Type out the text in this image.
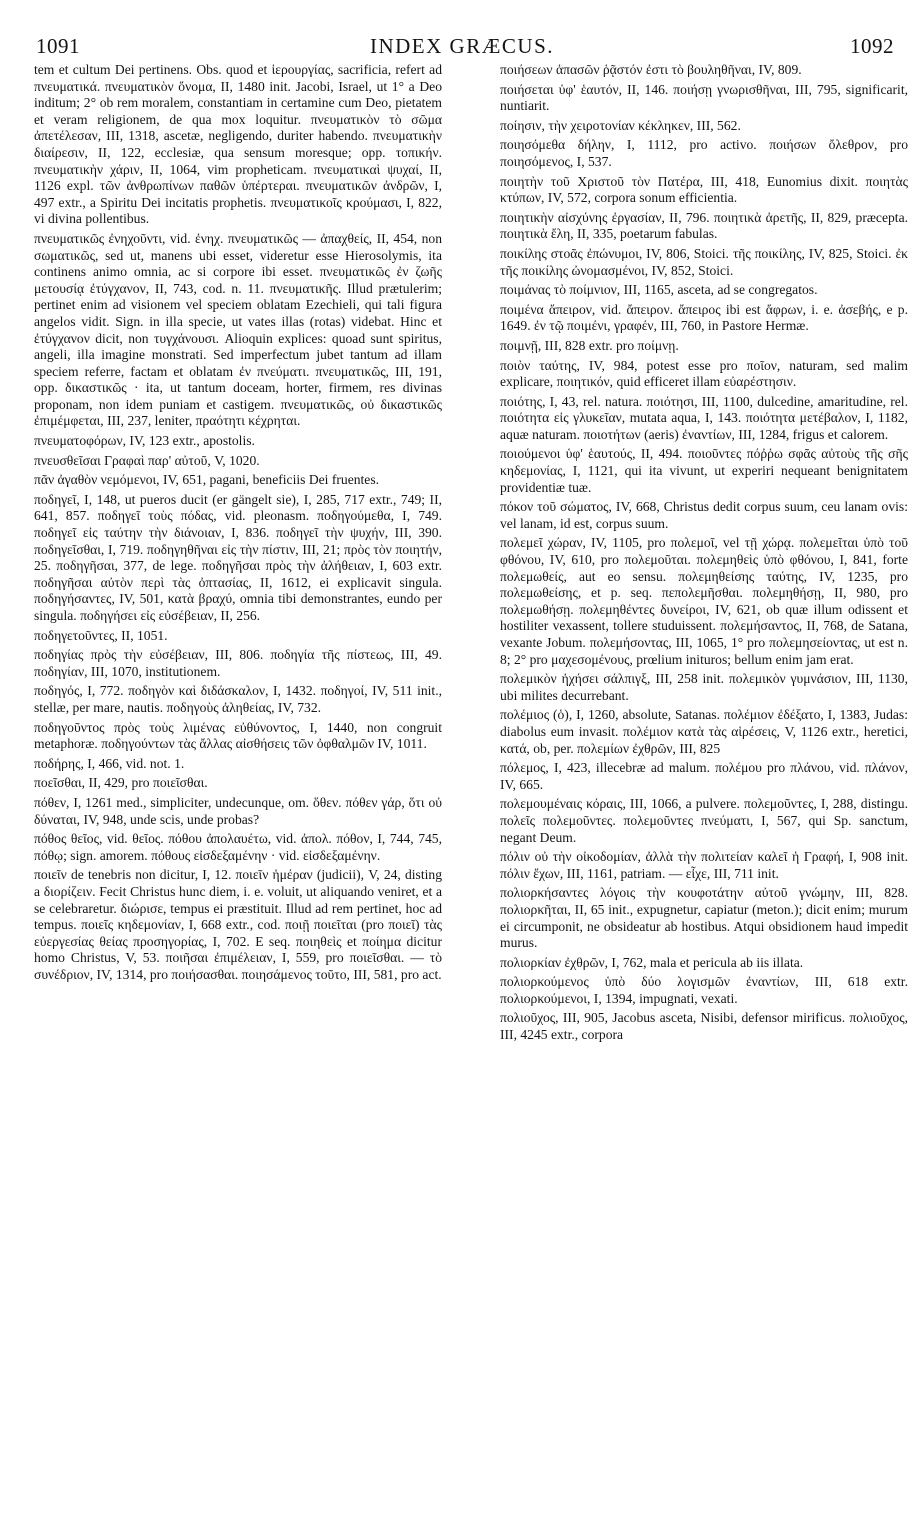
1091	INDEX GRÆCUS.	1092

tem et cultum Dei pertinens. Obs. quod et ἱερουργίας, sacrificia, refert ad πνευματικά. πνευματικὸν ὄνομα, II, 1480 init. Jacobi, Israel, ut 1° a Deo inditum; 2° ob rem moralem, constantiam in certamine cum Deo, pietatem et veram religionem, de qua mox loquitur. πνευματικὸν τὸ σῶμα ἀπετέλεσαν, III, 1318, ascetæ, negligendo, duriter habendo. πνευματικὴν διαίρεσιν, II, 122, ecclesiæ, qua sensum moresque; opp. τοπικήν. πνευματικὴν χάριν, II, 1064, vim propheticam. πνευματικαὶ ψυχαί, II, 1126 expl. τῶν ἀνθρωπίνων παθῶν ὑπέρτεραι. πνευματικῶν ἀνδρῶν, I, 497 extr., a Spiritu Dei incitatis prophetis. πνευματικοῖς κρούμασι, I, 822, vi divina pollentibus.

πνευματικῶς ἐνηχοῦντι, vid. ἐνηχ. πνευματικῶς — ἀπαχθείς, II, 454, non σωματικῶς, sed ut, manens ubi esset, videretur esse Hierosolymis, ita continens animo omnia, ac si corpore ibi esset. πνευματικῶς ἐν ζωῆς μετουσίᾳ ἐτύγχανον, II, 743, cod. n. 11. πνευματικῆς. Illud prætulerim; pertinet enim ad visionem vel speciem oblatam Ezechieli, qui tali figura angelos vidit. Sign. in illa specie, ut vates illas (rotas) videbat. Hinc et ἐτύγχανον dicit, non τυγχάνουσι. Alioquin explices: quoad sunt spiritus, angeli, illa imagine monstrati. Sed imperfectum jubet tantum ad illam speciem referre, factam et oblatam ἐν πνεύματι. πνευματικῶς, III, 191, opp. δικαστικῶς · ita, ut tantum doceam, horter, firmem, res divinas proponam, non idem puniam et castigem. πνευματικῶς, οὐ δικαστικῶς ἐπιμέμφεται, III, 237, leniter, πραότητι κέχρηται.

πνευματοφόρων, IV, 123 extr., apostolis.

πνευσθεῖσαι Γραφαὶ παρ' αὐτοῦ, V, 1020.

πᾶν ἀγαθὸν νεμόμενοι, IV, 651, pagani, beneficiis Dei fruentes.

ποδηγεῖ, I, 148, ut pueros ducit (er gängelt sie), I, 285, 717 extr., 749; II, 641, 857. ποδηγεῖ τοὺς πόδας, vid. pleonasm. ποδηγούμεθα, I, 749. ποδηγεῖ εἰς ταύτην τὴν διάνοιαν, I, 836. ποδηγεῖ τὴν ψυχήν, III, 390. ποδηγεῖσθαι, I, 719. ποδηγηθῆναι εἰς τὴν πίστιν, III, 21; πρὸς τὸν ποιητήν, 25. ποδηγῆσαι, 377, de lege. ποδηγῆσαι πρὸς τὴν ἀλήθειαν, I, 603 extr. ποδηγῆσαι αὐτὸν περὶ τὰς ὀπτασίας, II, 1612, ei explicavit singula. ποδηγήσαντες, IV, 501, κατὰ βραχύ, omnia tibi demonstrantes, eundo per singula. ποδηγήσει εἰς εὐσέβειαν, II, 256.

ποδηγετοῦντες, II, 1051.

ποδηγίας πρὸς τὴν εὐσέβειαν, III, 806. ποδηγία τῆς πίστεως, III, 49. ποδηγίαν, III, 1070, institutionem.

ποδηγός, I, 772. ποδηγὸν καὶ διδάσκαλον, I, 1432. ποδηγοί, IV, 511 init., stellæ, per mare, nautis. ποδηγοὺς ἀληθείας, IV, 732.

ποδηγοῦντος πρὸς τοὺς λιμένας εὐθύνοντος, I, 1440, non congruit metaphoræ. ποδηγούντων τὰς ἄλλας αἰσθήσεις τῶν ὀφθαλμῶν IV, 1011.

ποδήρης, I, 466, vid. not. 1.

ποεῖσθαι, II, 429, pro ποιεῖσθαι.

πόθεν, I, 1261 med., simpliciter, undecunque, om. ὅθεν. πόθεν γάρ, ὅτι οὐ δύναται, IV, 948, unde scis, unde probas?

πόθος θεῖος, vid. θεῖος. πόθου ἀπολαυέτω, vid. ἀπολ. πόθον, I, 744, 745, πόθῳ; sign. amorem. πόθους εἰσδεξαμένην · vid. εἰσδεξαμένην.

ποιεῖν de tenebris non dicitur, I, 12. ποιεῖν ἡμέραν (judicii), V, 24, disting a διορίζειν. Fecit Christus hunc diem, i. e. voluit, ut aliquando veniret, et a se celebraretur. διώρισε, tempus ei præstituit. Illud ad rem pertinet, hoc ad tempus. ποιεῖς κηδεμονίαν, I, 668 extr., cod. ποιῇ ποιεῖται (pro ποιεῖ) τὰς εὐεργεσίας θείας προσηγορίας, I, 702. E seq. ποιηθεὶς et ποίημα dicitur homo Christus, V, 53. ποιῆσαι ἐπιμέλειαν, I, 559, pro ποιεῖσθαι. — τὸ συνέδριον, IV, 1314, pro ποιήσασθαι. ποιησάμενος τοῦτο, III, 581, pro act.

ποιήσεων ἁπασῶν ῥᾷστόν ἐστι τὸ βουληθῆναι, IV, 809.

ποιήσεται ὑφ' ἑαυτόν, II, 146. ποιήσῃ γνωρισθῆναι, III, 795, significarit, nuntiarit.

ποίησιν, τὴν χειροτονίαν κέκληκεν, III, 562.

ποιησόμεθα δήλην, I, 1112, pro activo. ποιήσων ὄλεθρον, pro ποιησόμενος, I, 537.

ποιητὴν τοῦ Χριστοῦ τὸν Πατέρα, III, 418, Eunomius dixit. ποιητὰς κτύπων, IV, 572, corpora sonum efficientia.

ποιητικὴν αἰσχύνης ἐργασίαν, II, 796. ποιητικὰ ἀρετῆς, II, 829, præcepta. ποιητικὰ ἔλη, II, 335, poetarum fabulas.

ποικίλης στοᾶς ἐπώνυμοι, IV, 806, Stoici. τῆς ποικίλης, IV, 825, Stoici. ἐκ τῆς ποικίλης ὠνομασμένοι, IV, 852, Stoici.

ποιμάνας τὸ ποίμνιον, III, 1165, asceta, ad se congregatos.

ποιμένα ἄπειρον, vid. ἄπειρον. ἄπειρος ibi est ἄφρων, i. e. ἀσεβής, e p. 1649. ἐν τῷ ποιμένι, γραφέν, III, 760, in Pastore Hermæ.

ποιμνῇ, III, 828 extr. pro ποίμνῃ.

ποιὸν ταύτης, IV, 984, potest esse pro ποῖον, naturam, sed malim explicare, ποιητικόν, quid efficeret illam εὐαρέστησιν.

ποιότης, I, 43, rel. natura. ποιότησι, III, 1100, dulcedine, amaritudine, rel. ποιότητα εἰς γλυκεῖαν, mutata aqua, I, 143. ποιότητα μετέβαλον, I, 1182, aquæ naturam. ποιοτήτων (aeris) ἐναντίων, III, 1284, frigus et calorem.

ποιούμενοι ὑφ' ἑαυτούς, II, 494. ποιοῦντες πόῤῥω σφᾶς αὐτοὺς τῆς σῆς κηδεμονίας, I, 1121, qui ita vivunt, ut experiri nequeant benignitatem providentiæ tuæ.

πόκον τοῦ σώματος, IV, 668, Christus dedit corpus suum, ceu lanam ovis: vel lanam, id est, corpus suum.

πολεμεῖ χώραν, IV, 1105, pro πολεμοῖ, vel τῇ χώρᾳ. πολεμεῖται ὑπὸ τοῦ φθόνου, IV, 610, pro πολεμοῦται. πολεμηθεὶς ὑπὸ φθόνου, I, 841, forte πολεμωθείς, aut eo sensu. πολεμηθείσης ταύτης, IV, 1235, pro πολεμωθείσης, et p. seq. πεπολεμῆσθαι. πολεμηθήσῃ, II, 980, pro πολεμωθήσῃ. πολεμηθέντες δυνείροι, IV, 621, ob quæ illum odissent et hostiliter vexassent, tollere studuissent. πολεμήσαντος, II, 768, de Satana, vexante Jobum. πολεμήσοντας, III, 1065, 1° pro πολεμησείοντας, ut est n. 8; 2° pro μαχεσομένους, prœlium inituros; bellum enim jam erat.

πολεμικὸν ἠχήσει σάλπιγξ, III, 258 init. πολεμικὸν γυμνάσιον, III, 1130, ubi milites decurrebant.

πολέμιος (ὁ), I, 1260, absolute, Satanas. πολέμιον ἐδέξατο, I, 1383, Judas: diabolus eum invasit. πολέμιον κατὰ τὰς αἱρέσεις, V, 1126 extr., heretici, κατά, ob, per. πολεμίων ἐχθρῶν, III, 825

πόλεμος, I, 423, illecebræ ad malum. πολέμου pro πλάνου, vid. πλάνον, IV, 665.

πολεμουμέναις κόραις, III, 1066, a pulvere. πολεμοῦντες, I, 288, distingu. πολεῖς πολεμοῦντες. πολεμοῦντες πνεύματι, I, 567, qui Sp. sanctum, negant Deum.

πόλιν οὐ τὴν οἰκοδομίαν, ἀλλὰ τὴν πολιτείαν καλεῖ ἡ Γραφή, I, 908 init. πόλιν ἔχων, III, 1161, patriam. — εἶχε, III, 711 init.

πολιορκήσαντες λόγοις τὴν κουφοτάτην αὐτοῦ γνώμην, III, 828. πολιορκῆται, II, 65 init., expugnetur, capiatur (meton.); dicit enim; murum ei circumponit, ne obsideatur ab hostibus. Atqui obsidionem haud impedit murus.

πολιορκίαν ἐχθρῶν, I, 762, mala et pericula ab iis illata.

πολιορκούμενος ὑπὸ δύο λογισμῶν ἐναντίων, III, 618 extr. πολιορκούμενοι, I, 1394, impugnati, vexati.

πολιοῦχος, III, 905, Jacobus asceta, Nisibi, defensor mirificus. πολιοῦχος, III, 4245 extr., corpora
